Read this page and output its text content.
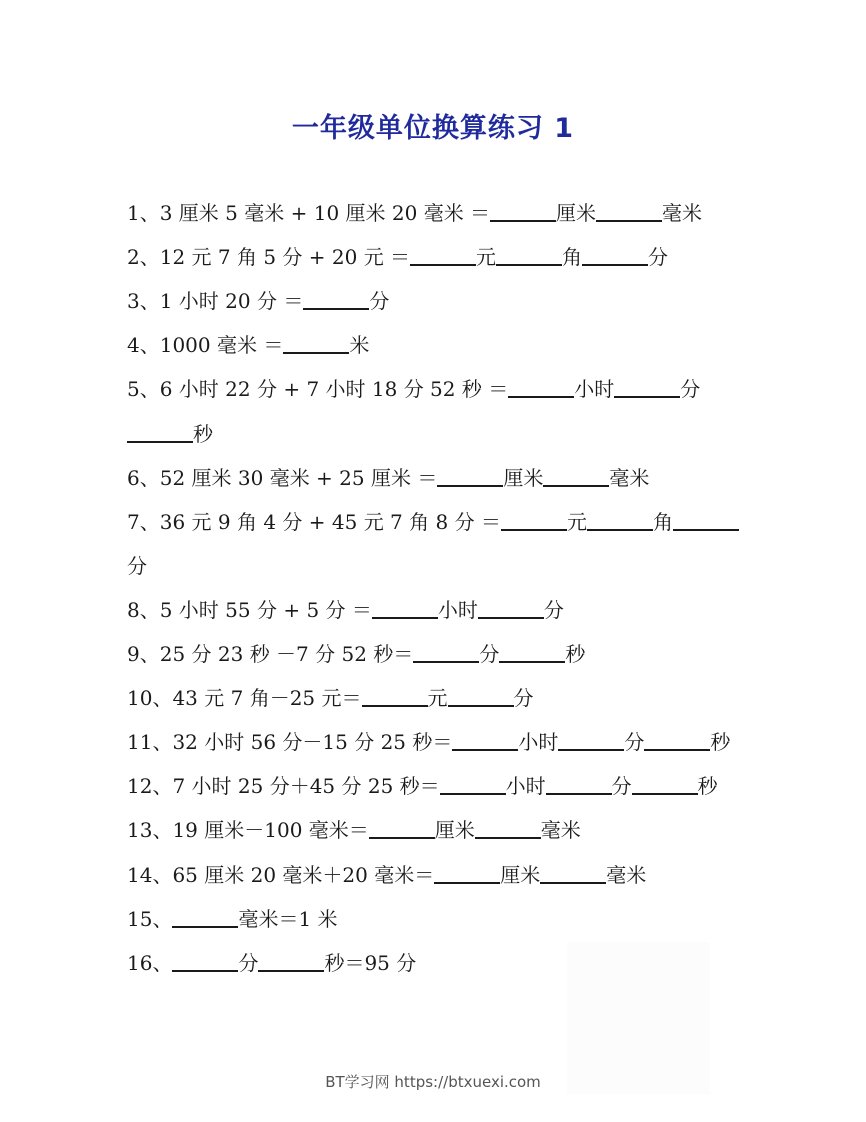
一年级单位换算练习 1
1、3 厘米 5 毫米 + 10 厘米 20 毫米 ＝	厘米	毫米
2、12 元 7 角 5 分 + 20 元 ＝	元	角	分
3、1 小时 20 分 ＝	分
4、1000 毫米 ＝	米
5、6 小时 22 分 + 7 小时 18 分 52 秒 ＝	小时	分
秒
6、52 厘米 30 毫米 + 25 厘米 ＝	厘米	毫米
7、36 元 9 角 4 分 + 45 元 7 角 8 分 ＝	元	角
分
8、5 小时 55 分 + 5 分 ＝	小时	分
9、25 分 23 秒 －7 分 52 秒＝	分	秒
10、43 元 7 角－25 元＝	元	分
11、32 小时 56 分－15 分 25 秒＝	小时	分	秒
12、7 小时 25 分＋45 分 25 秒＝	小时	分	秒
13、19 厘米－100 毫米＝	厘米	毫米
14、65 厘米 20 毫米＋20 毫米＝	厘米	毫米
15、	毫米＝1 米
16、	分	秒＝95 分
BT学习网 https://btxuexi.com
